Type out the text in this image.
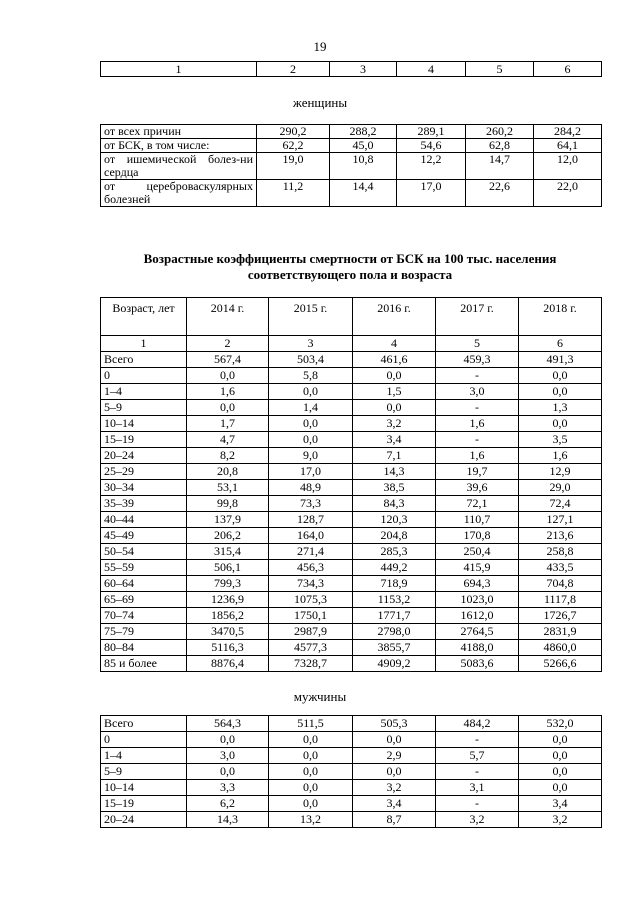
19
1	2	3	4	5	6
женщины
от всех причин	290,2	288,2	289,1	260,2	284,2
от БСК, в том числе:	62,2	45,0	54,6	62,8	64,1
от ишемической болез-ни сердца	19,0	10,8	12,2	14,7	12,0
от цереброваскулярных болезней	11,2	14,4	17,0	22,6	22,0
Возрастные коэффициенты смертности от БСК на 100 тыс. населения
соответствующего пола и возраста
Возраст, лет	2014 г.	2015 г.	2016 г.	2017 г.	2018 г.
1	2	3	4	5	6
Всего	567,4	503,4	461,6	459,3	491,3
0	0,0	5,8	0,0	-	0,0
1–4	1,6	0,0	1,5	3,0	0,0
5–9	0,0	1,4	0,0	-	1,3
10–14	1,7	0,0	3,2	1,6	0,0
15–19	4,7	0,0	3,4	-	3,5
20–24	8,2	9,0	7,1	1,6	1,6
25–29	20,8	17,0	14,3	19,7	12,9
30–34	53,1	48,9	38,5	39,6	29,0
35–39	99,8	73,3	84,3	72,1	72,4
40–44	137,9	128,7	120,3	110,7	127,1
45–49	206,2	164,0	204,8	170,8	213,6
50–54	315,4	271,4	285,3	250,4	258,8
55–59	506,1	456,3	449,2	415,9	433,5
60–64	799,3	734,3	718,9	694,3	704,8
65–69	1236,9	1075,3	1153,2	1023,0	1117,8
70–74	1856,2	1750,1	1771,7	1612,0	1726,7
75–79	3470,5	2987,9	2798,0	2764,5	2831,9
80–84	5116,3	4577,3	3855,7	4188,0	4860,0
85 и более	8876,4	7328,7	4909,2	5083,6	5266,6
мужчины
Всего	564,3	511,5	505,3	484,2	532,0
0	0,0	0,0	0,0	-	0,0
1–4	3,0	0,0	2,9	5,7	0,0
5–9	0,0	0,0	0,0	-	0,0
10–14	3,3	0,0	3,2	3,1	0,0
15–19	6,2	0,0	3,4	-	3,4
20–24	14,3	13,2	8,7	3,2	3,2
